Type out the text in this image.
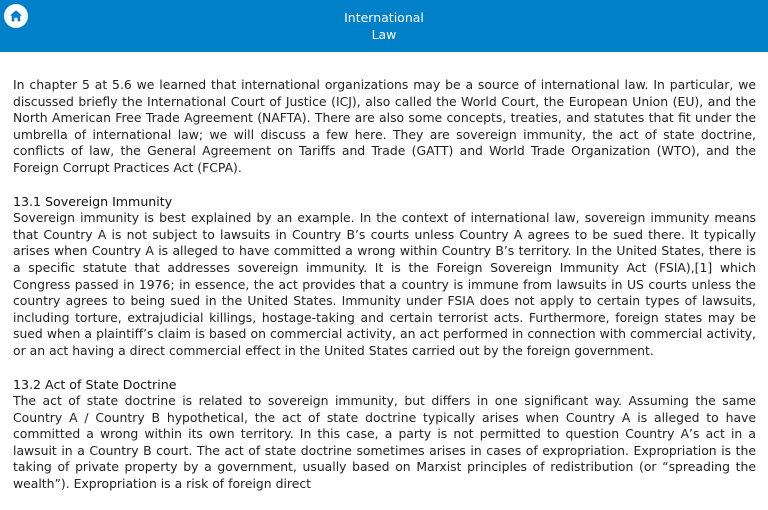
International
Law

In chapter 5 at 5.6 we learned that international organizations may be a source of international law. In particular, we discussed briefly the International Court of Justice (ICJ), also called the World Court, the European Union (EU), and the North American Free Trade Agreement (NAFTA). There are also some concepts, treaties, and statutes that fit under the umbrella of international law; we will discuss a few here. They are sovereign immunity, the act of state doctrine, conflicts of law, the General Agreement on Tariffs and Trade (GATT) and World Trade Organization (WTO), and the Foreign Corrupt Practices Act (FCPA).

13.1 Sovereign Immunity

Sovereign immunity is best explained by an example. In the context of international law, sovereign immunity means that Country A is not subject to lawsuits in Country B’s courts unless Country A agrees to be sued there. It typically arises when Country A is alleged to have committed a wrong within Country B’s territory. In the United States, there is a specific statute that addresses sovereign immunity. It is the Foreign Sovereign Immunity Act (FSIA),[1] which Congress passed in 1976; in essence, the act provides that a country is immune from lawsuits in US courts unless the country agrees to being sued in the United States. Immunity under FSIA does not apply to certain types of lawsuits, including torture, extrajudicial killings, hostage-taking and certain terrorist acts. Furthermore, foreign states may be sued when a plaintiff’s claim is based on commercial activity, an act performed in connection with commercial activity, or an act having a direct commercial effect in the United States carried out by the foreign government.

13.2 Act of State Doctrine

The act of state doctrine is related to sovereign immunity, but differs in one significant way. Assuming the same Country A / Country B hypothetical, the act of state doctrine typically arises when Country A is alleged to have committed a wrong within its own territory. In this case, a party is not permitted to question Country A’s act in a lawsuit in a Country B court. The act of state doctrine sometimes arises in cases of expropriation. Expropriation is the taking of private property by a government, usually based on Marxist principles of redistribution (or “spreading the wealth”). Expropriation is a risk of foreign direct
